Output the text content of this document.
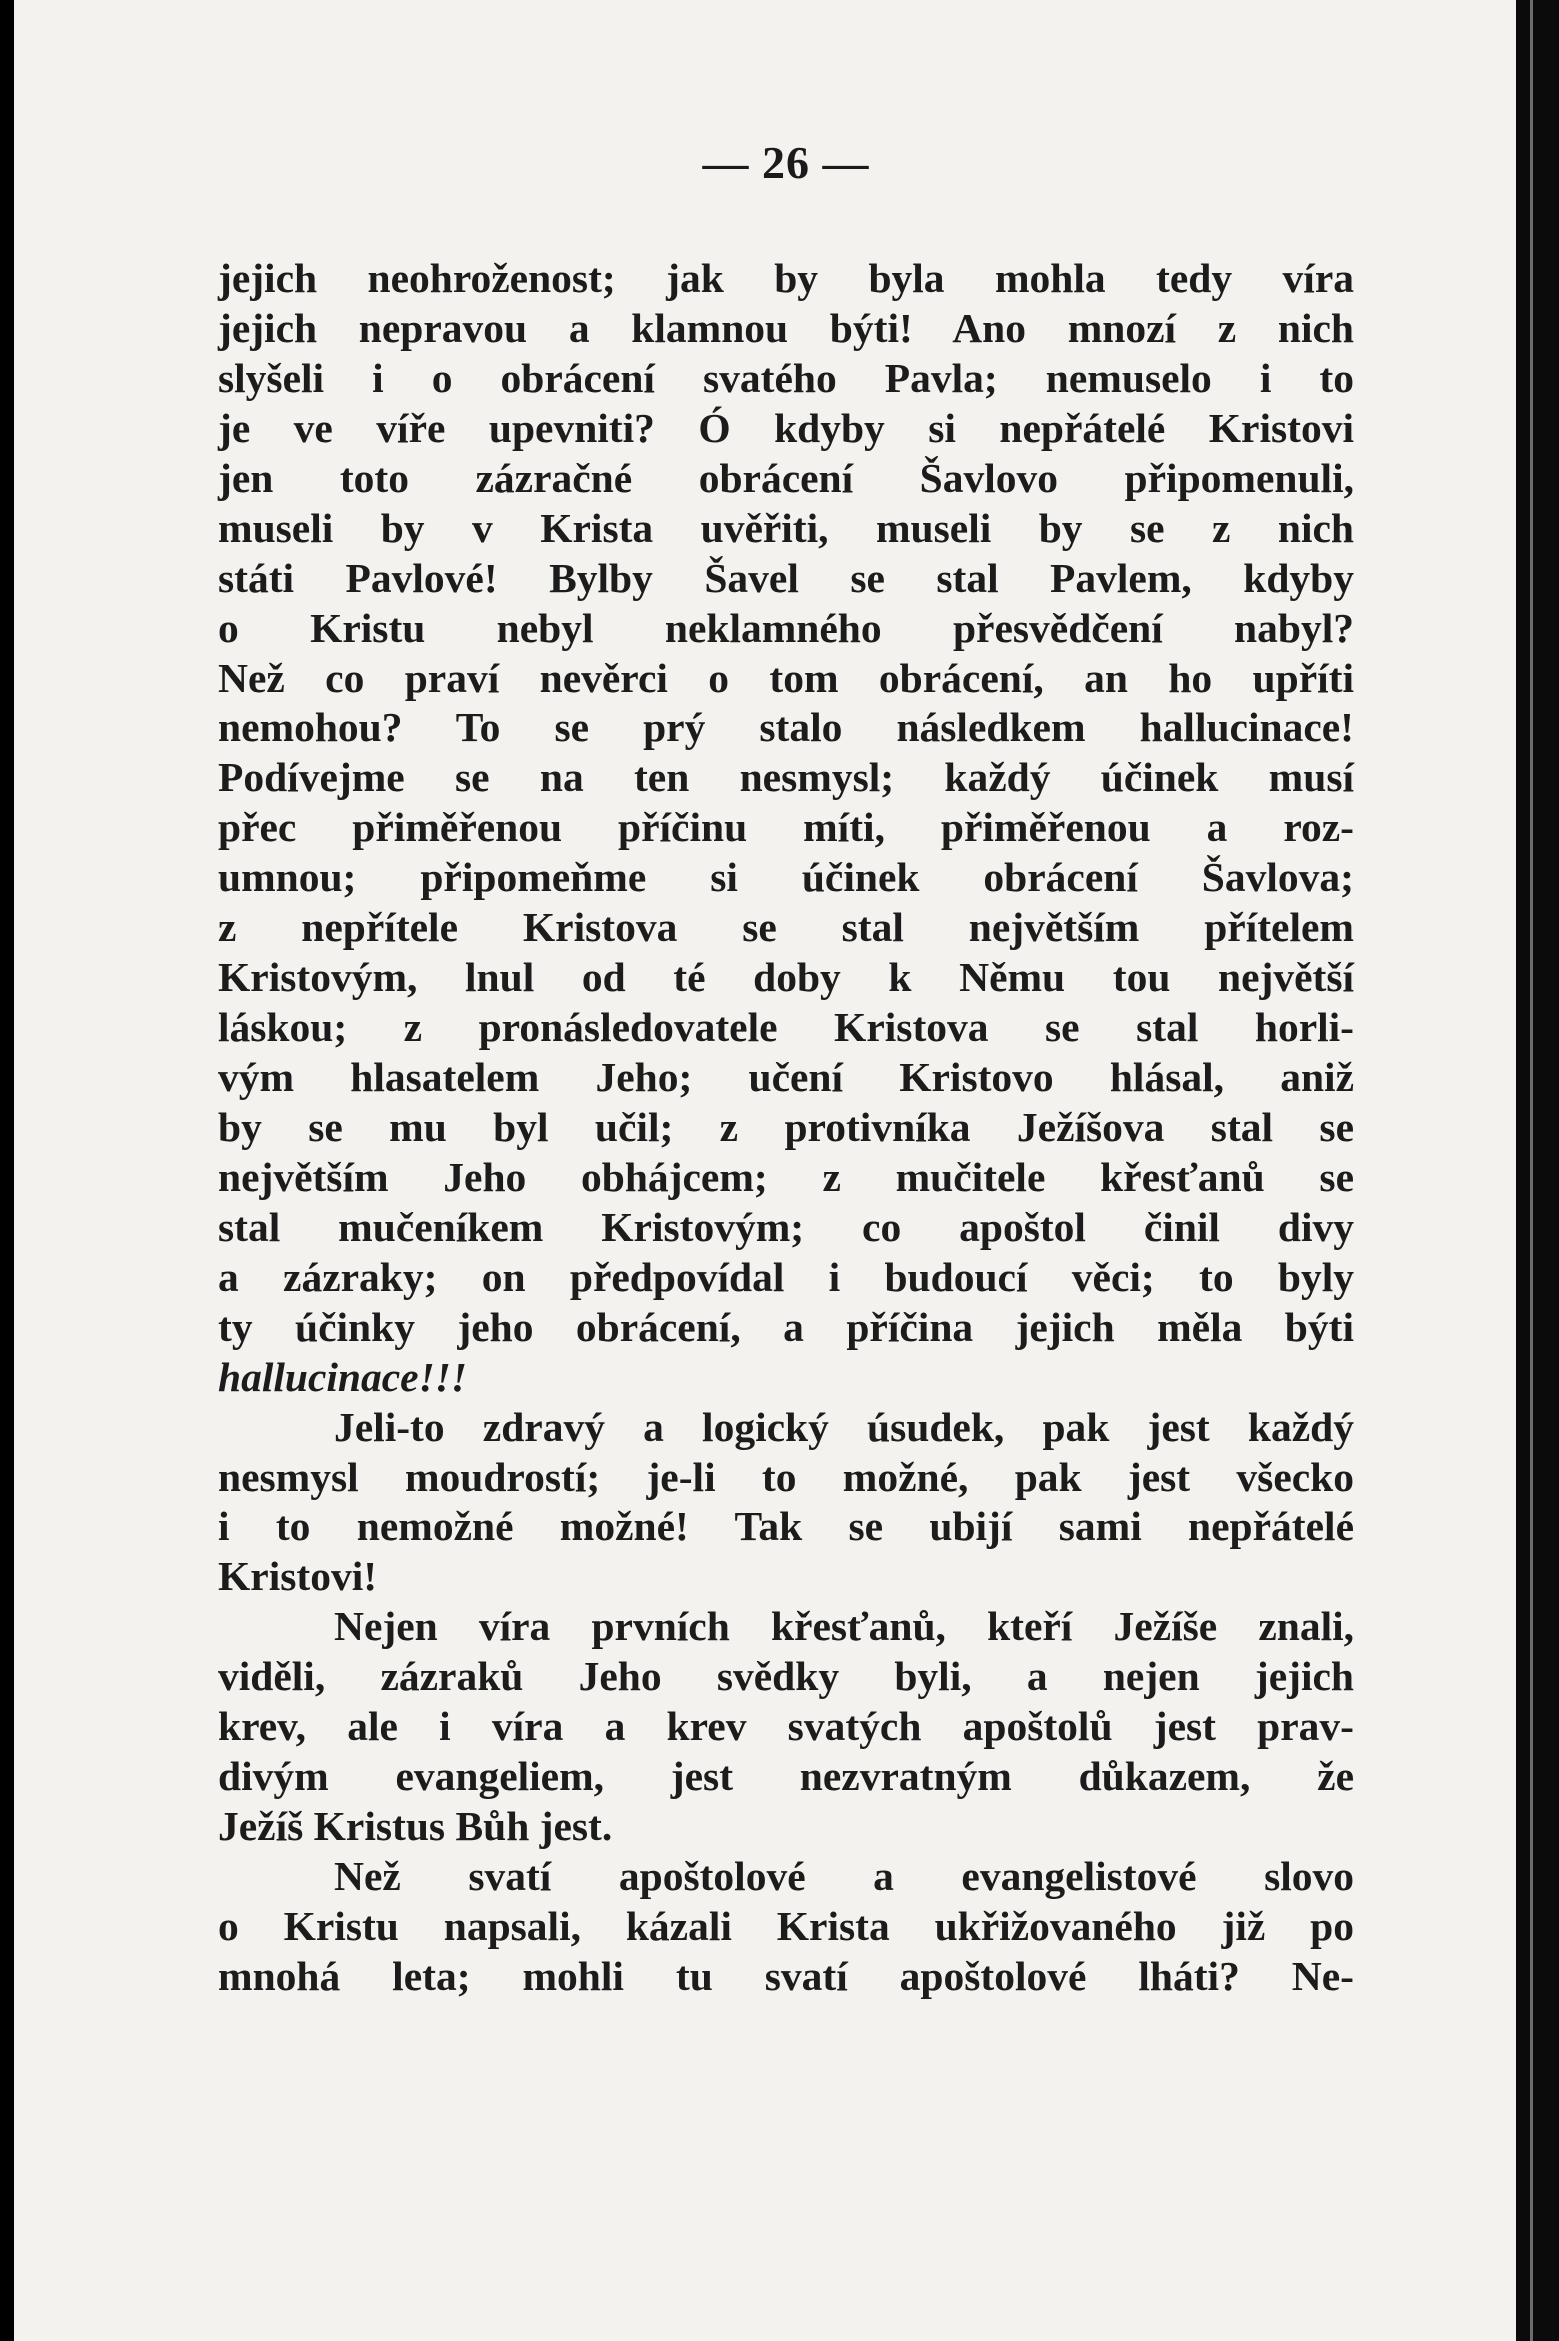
— 26 —
jejich neohroženost; jak by byla mohla tedy víra
jejich nepravou a klamnou býti! Ano mnozí z nich
slyšeli i o obrácení svatého Pavla; nemuselo i to
je ve víře upevniti? Ó kdyby si nepřátelé Kristovi
jen toto zázračné obrácení Šavlovo připomenuli,
museli by v Krista uvěřiti, museli by se z nich
státi Pavlové! Bylby Šavel se stal Pavlem, kdyby
o Kristu nebyl neklamného přesvědčení nabyl?
Než co praví nevěrci o tom obrácení, an ho upříti
nemohou? To se prý stalo následkem hallucinace!
Podívejme se na ten nesmysl; každý účinek musí
přec přiměřenou příčinu míti, přiměřenou a roz-
umnou; připomeňme si účinek obrácení Šavlova;
z nepřítele Kristova se stal největším přítelem
Kristovým, lnul od té doby k Němu tou největší
láskou; z pronásledovatele Kristova se stal horli-
vým hlasatelem Jeho; učení Kristovo hlásal, aniž
by se mu byl učil; z protivníka Ježíšova stal se
největším Jeho obhájcem; z mučitele křesťanů se
stal mučeníkem Kristovým; co apoštol činil divy
a zázraky; on předpovídal i budoucí věci; to byly
ty účinky jeho obrácení, a příčina jejich měla býti
hallucinace!!!
Jeli-to zdravý a logický úsudek, pak jest každý
nesmysl moudrostí; je-li to možné, pak jest všecko
i to nemožné možné! Tak se ubijí sami nepřátelé
Kristovi!
Nejen víra prvních křesťanů, kteří Ježíše znali,
viděli, zázraků Jeho svědky byli, a nejen jejich
krev, ale i víra a krev svatých apoštolů jest prav-
divým evangeliem, jest nezvratným důkazem, že
Ježíš Kristus Bůh jest.
Než svatí apoštolové a evangelistové slovo
o Kristu napsali, kázali Krista ukřižovaného již po
mnohá leta; mohli tu svatí apoštolové lháti? Ne-
